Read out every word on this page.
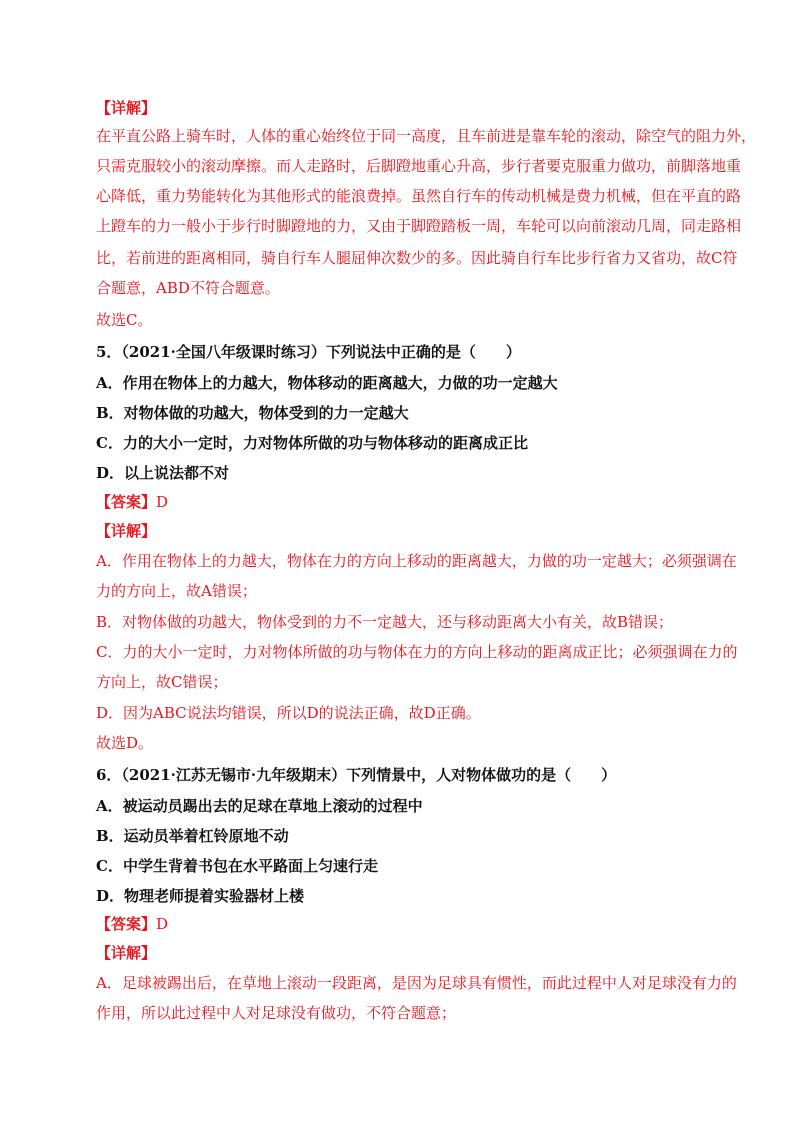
【详解】
在平直公路上骑车时，人体的重心始终位于同一高度，且车前进是靠车轮的滚动，除空气的阻力外，
只需克服较小的滚动摩擦。而人走路时，后脚蹬地重心升高，步行者要克服重力做功，前脚落地重
心降低，重力势能转化为其他形式的能浪费掉。虽然自行车的传动机械是费力机械，但在平直的路
上蹬车的力一般小于步行时脚蹬地的力，又由于脚蹬踏板一周，车轮可以向前滚动几周，同走路相
比，若前进的距离相同，骑自行车人腿屈伸次数少的多。因此骑自行车比步行省力又省功，故C符
合题意，ABD不符合题意。
故选C。
5．（2021·全国八年级课时练习）下列说法中正确的是（　　）
A．作用在物体上的力越大，物体移动的距离越大，力做的功一定越大
B．对物体做的功越大，物体受到的力一定越大
C．力的大小一定时，力对物体所做的功与物体移动的距离成正比
D．以上说法都不对
【答案】D
【详解】
A．作用在物体上的力越大，物体在力的方向上移动的距离越大，力做的功一定越大；必须强调在
力的方向上，故A错误；
B．对物体做的功越大，物体受到的力不一定越大，还与移动距离大小有关，故B错误；
C．力的大小一定时，力对物体所做的功与物体在力的方向上移动的距离成正比；必须强调在力的
方向上，故C错误；
D．因为ABC说法均错误，所以D的说法正确，故D正确。
故选D。
6．（2021·江苏无锡市·九年级期末）下列情景中，人对物体做功的是（　　）
A．被运动员踢出去的足球在草地上滚动的过程中
B．运动员举着杠铃原地不动
C．中学生背着书包在水平路面上匀速行走
D．物理老师提着实验器材上楼
【答案】D
【详解】
A．足球被踢出后，在草地上滚动一段距离，是因为足球具有惯性，而此过程中人对足球没有力的
作用，所以此过程中人对足球没有做功，不符合题意；
